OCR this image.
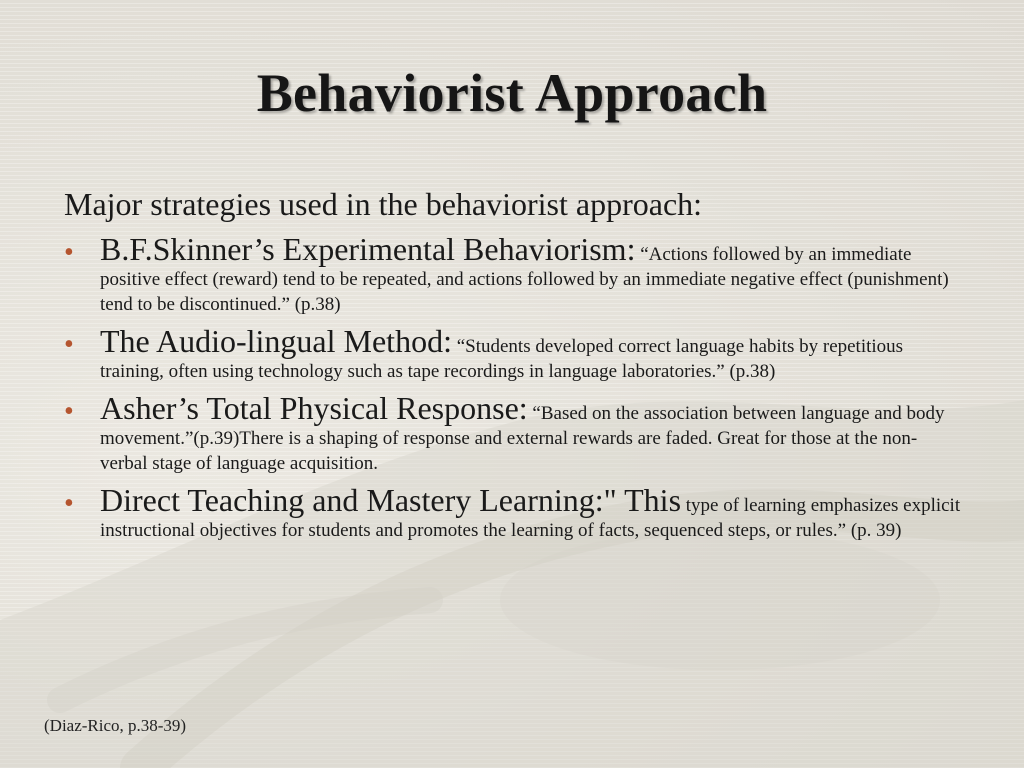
Behaviorist Approach
Major strategies used in the behaviorist approach:
• B.F.Skinner’s Experimental Behaviorism: “Actions followed by an immediate positive effect (reward) tend to be repeated, and actions followed by an immediate negative effect (punishment) tend to be discontinued.” (p.38)
• The Audio-lingual Method: “Students developed correct language habits by repetitious training, often using technology such as tape recordings in language laboratories.” (p.38)
• Asher’s Total Physical Response: “Based on the association between language and body movement.”(p.39)There is a shaping of response and external rewards are faded. Great for those at the non-verbal stage of language acquisition.
• Direct Teaching and Mastery Learning:" This type of learning emphasizes explicit instructional objectives for students and promotes the learning of facts, sequenced steps, or rules.” (p. 39)
(Diaz-Rico, p.38-39)
